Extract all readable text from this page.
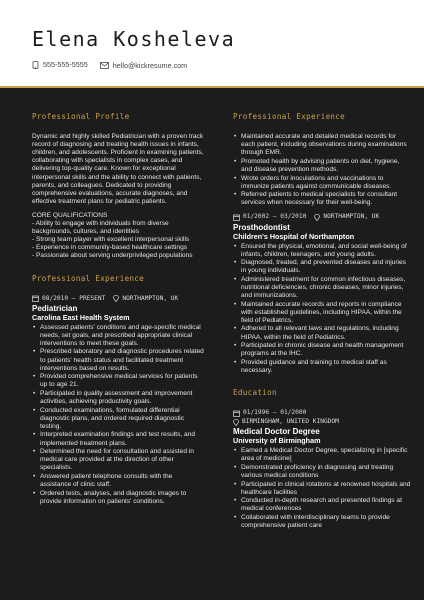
Elena Kosheleva
555-555-5555
	hello@kickresume.com
Professional Profile

Dynamic and highly skilled Pediatrician with a proven track record of diagnosing and treating health issues in infants, children, and adolescents. Proficient in examining patients, collaborating with specialists in complex cases, and delivering top-quality care. Known for exceptional interpersonal skills and the ability to connect with patients, parents, and colleagues. Dedicated to providing comprehensive evaluations, accurate diagnoses, and effective treatment plans for pediatric patients.

CORE QUALIFICATIONS

- Ability to engage with individuals from diverse backgrounds, cultures, and identities
- Strong team player with excellent interpersonal skills
- Experience in community-based healthcare settings
- Passionate about serving underprivileged populations
Professional Experience
08/2010 – PRESENT	NORTHAMPTON, UK
Pediatrician
Carolina East Health System
• Assessed patients' conditions and age-specific medical needs, set goals, and prescribed appropriate clinical interventions to meet these goals.
• Prescribed laboratory and diagnostic procedures related to patients' health status and facilitated treatment interventions based on results.
• Provided comprehensive medical services for patients up to age 21.
• Participated in quality assessment and improvement activities, achieving productivity goals.
• Conducted examinations, formulated differential diagnostic plans, and ordered required diagnostic testing.
• Interpreted examination findings and test results, and implemented treatment plans.
• Determined the need for consultation and assisted in medical care provided at the direction of other specialists.
• Answered patient telephone consults with the assistance of clinic staff.
• Ordered tests, analyses, and diagnostic images to provide information on patients' conditions.
Professional Experience
• Maintained accurate and detailed medical records for each patient, including observations during examinations through EMR.
• Promoted health by advising patients on diet, hygiene, and disease prevention methods.
• Wrote orders for inoculations and vaccinations to immunize patients against communicable diseases.
• Referred patients to medical specialists for consultant services when necessary for their well-being.
01/2002 – 03/2010	NORTHAMPTON, UK
Prosthodontist
Children's Hospital of Northampton
• Ensured the physical, emotional, and social well-being of infants, children, teenagers, and young adults.
• Diagnosed, treated, and prevented diseases and injuries in young individuals.
• Administered treatment for common infectious diseases, nutritional deficiencies, chronic diseases, minor injuries, and immunizations.
• Maintained accurate records and reports in compliance with established guidelines, including HIPAA, within the field of Pediatrics.
• Adhered to all relevant laws and regulations, including HIPAA, within the field of Pediatrics.
• Participated in chronic disease and health management programs at the IHC.
• Provided guidance and training to medical staff as necessary.
Education
01/1996 – 01/2000
BIRMINGHAM, UNITED KINGDOM
Medical Doctor Degree
University of Birmingham
• Earned a Medical Doctor Degree, specializing in [specific area of medicine]
• Demonstrated proficiency in diagnosing and treating various medical conditions
• Participated in clinical rotations at renowned hospitals and healthcare facilities
• Conducted in-depth research and presented findings at medical conferences
• Collaborated with interdisciplinary teams to provide comprehensive patient care
